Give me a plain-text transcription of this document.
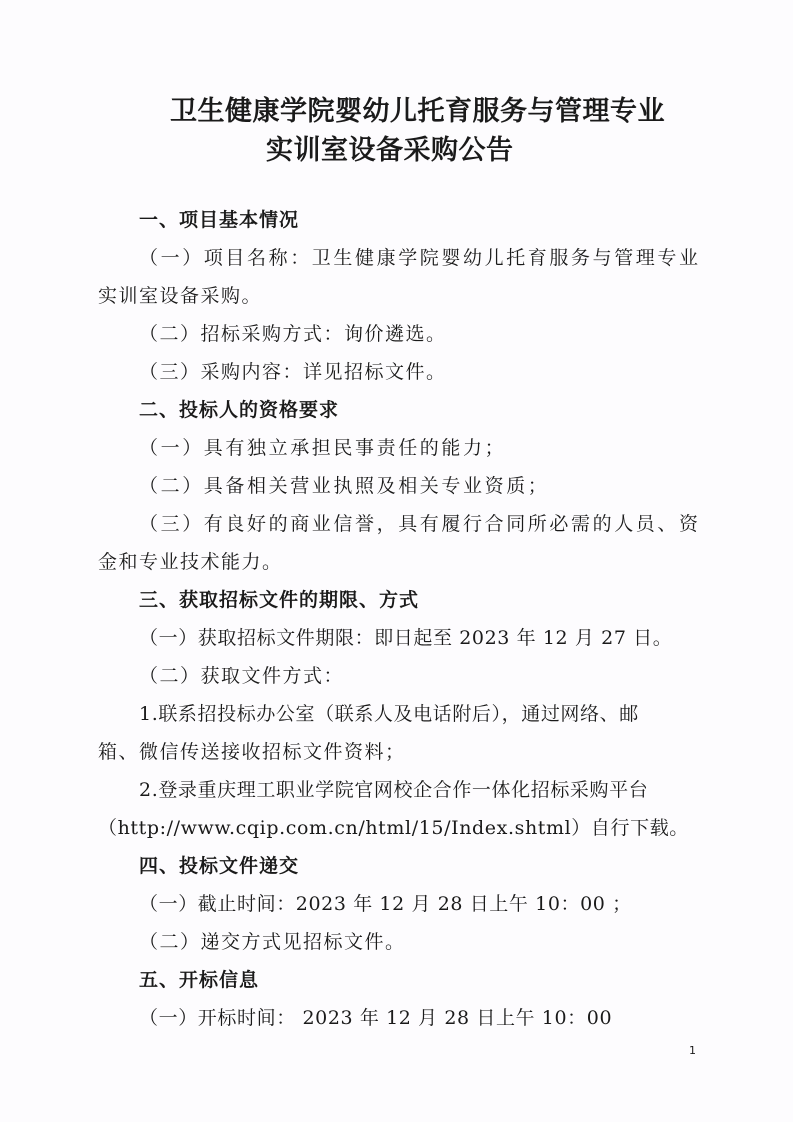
卫生健康学院婴幼儿托育服务与管理专业
实训室设备采购公告

一、项目基本情况

（一）项目名称：卫生健康学院婴幼儿托育服务与管理专业

实训室设备采购。

（二）招标采购方式：询价遴选。

（三）采购内容：详见招标文件。

二、投标人的资格要求

（一）具有独立承担民事责任的能力；

（二）具备相关营业执照及相关专业资质；

（三）有良好的商业信誉，具有履行合同所必需的人员、资

金和专业技术能力。

三、获取招标文件的期限、方式

（一）获取招标文件期限：即日起至 2023 年 12 月 27 日。

（二）获取文件方式：

1.联系招投标办公室（联系人及电话附后），通过网络、邮

箱、微信传送接收招标文件资料；

2.登录重庆理工职业学院官网校企合作一体化招标采购平台

（http://www.cqip.com.cn/html/15/Index.shtml）自行下载。

四、投标文件递交

（一）截止时间：2023 年 12 月 28 日上午 10：00 ；

（二）递交方式见招标文件。

五、开标信息

（一）开标时间： 2023 年 12 月 28 日上午 10：00

1
